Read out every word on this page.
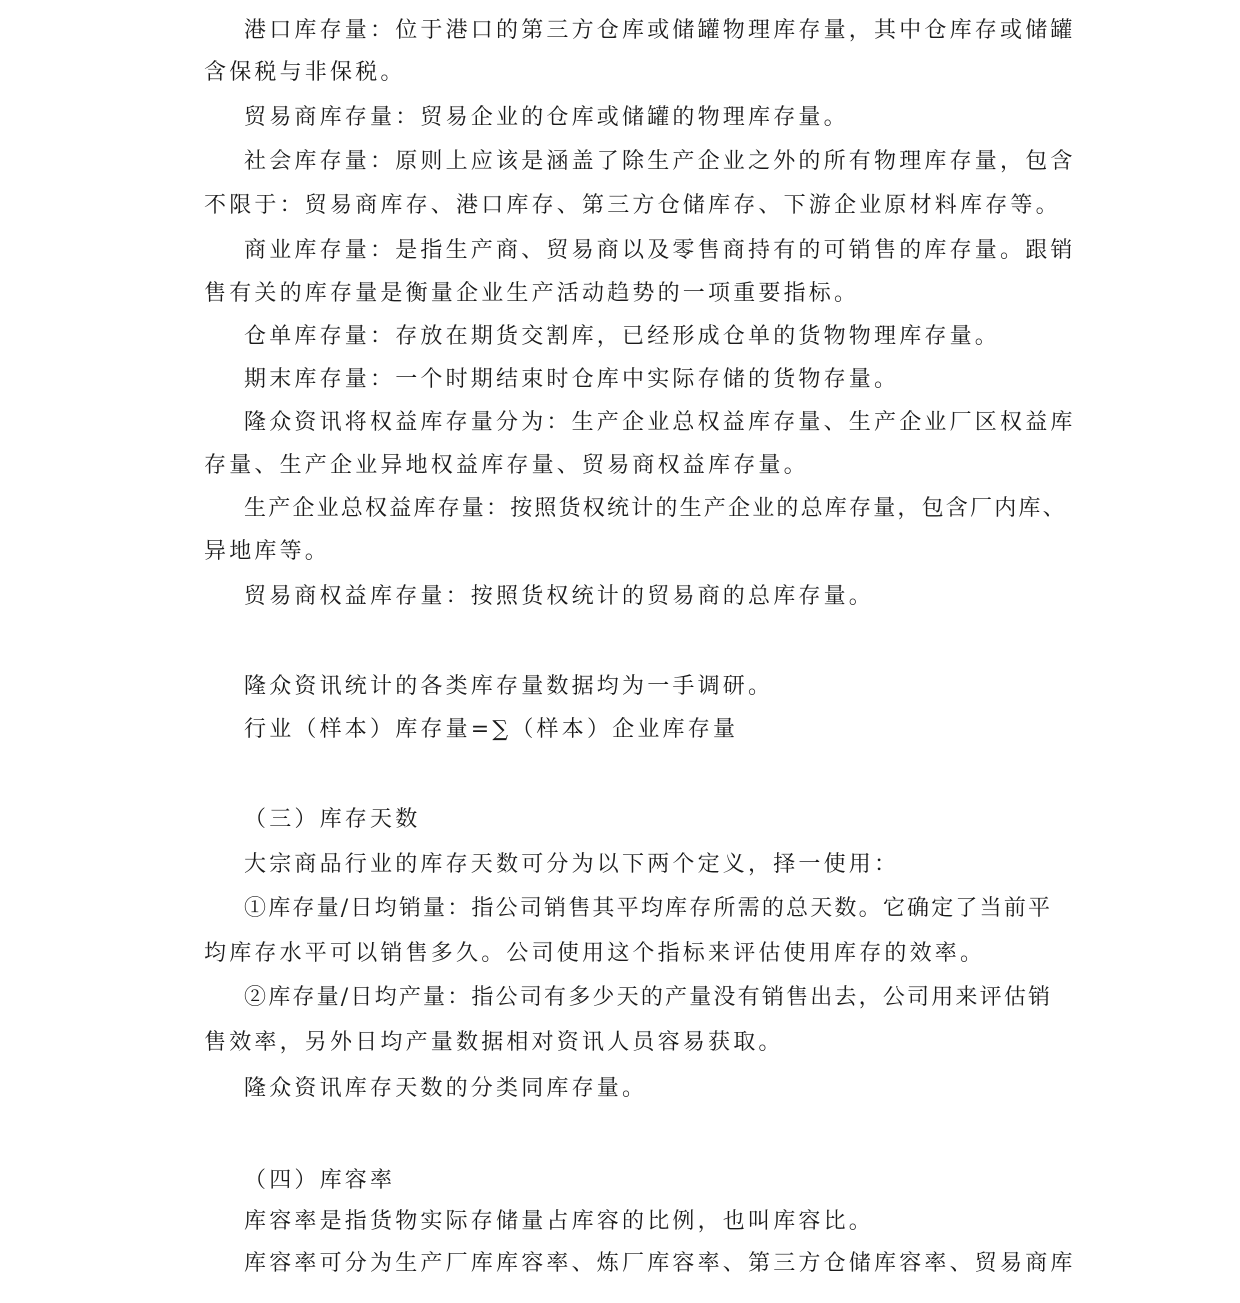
港口库存量：位于港口的第三方仓库或储罐物理库存量，其中仓库存或储罐
含保税与非保税。
贸易商库存量：贸易企业的仓库或储罐的物理库存量。
社会库存量：原则上应该是涵盖了除生产企业之外的所有物理库存量，包含
不限于：贸易商库存、港口库存、第三方仓储库存、下游企业原材料库存等。
商业库存量：是指生产商、贸易商以及零售商持有的可销售的库存量。跟销
售有关的库存量是衡量企业生产活动趋势的一项重要指标。
仓单库存量：存放在期货交割库，已经形成仓单的货物物理库存量。
期末库存量：一个时期结束时仓库中实际存储的货物存量。
隆众资讯将权益库存量分为：生产企业总权益库存量、生产企业厂区权益库
存量、生产企业异地权益库存量、贸易商权益库存量。
生产企业总权益库存量：按照货权统计的生产企业的总库存量，包含厂内库、
异地库等。
贸易商权益库存量：按照货权统计的贸易商的总库存量。
隆众资讯统计的各类库存量数据均为一手调研。
行业（样本）库存量=∑（样本）企业库存量
（三）库存天数
大宗商品行业的库存天数可分为以下两个定义，择一使用：
①库存量/日均销量：指公司销售其平均库存所需的总天数。它确定了当前平
均库存水平可以销售多久。公司使用这个指标来评估使用库存的效率。
②库存量/日均产量：指公司有多少天的产量没有销售出去，公司用来评估销
售效率，另外日均产量数据相对资讯人员容易获取。
隆众资讯库存天数的分类同库存量。
（四）库容率
库容率是指货物实际存储量占库容的比例，也叫库容比。
库容率可分为生产厂库库容率、炼厂库容率、第三方仓储库容率、贸易商库
